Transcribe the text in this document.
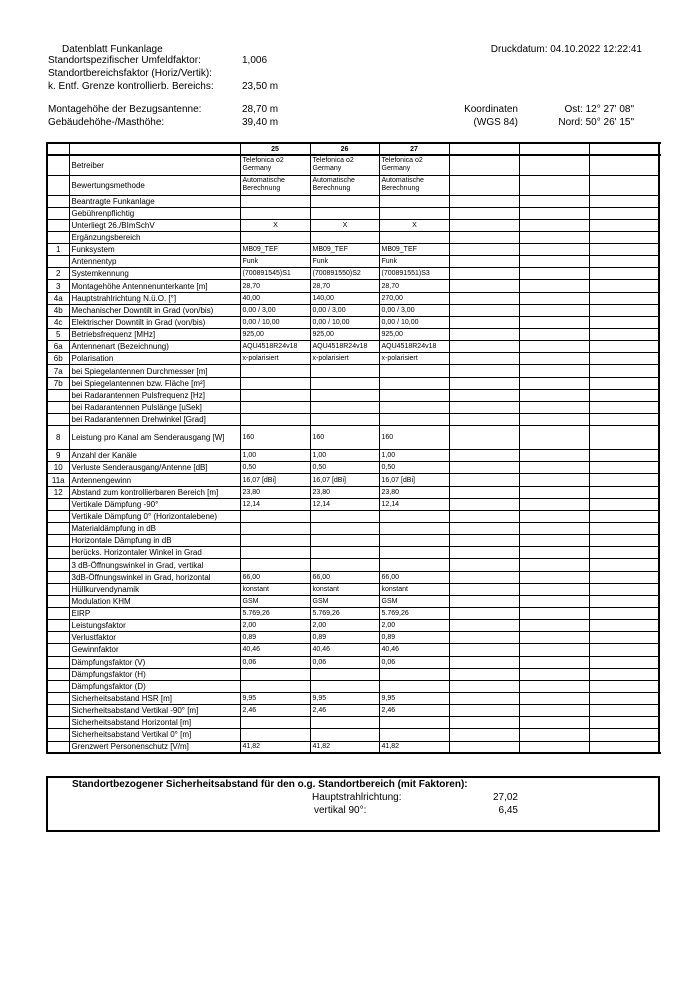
Datenblatt Funkanlage	Druckdatum: 04.10.2022 12:22:41
Standortspezifischer Umfeldfaktor:	1,006
Standortbereichsfaktor (Horiz/Vertik):
k. Entf. Grenze kontrollierb. Bereichs:	23,50 m
Montagehöhe der Bezugsantenne:	28,70 m
Gebäudehöhe-/Masthöhe:	39,40 m
Koordinaten
(WGS 84)
Ost: 12° 27' 08"
Nord: 50° 26' 15"
		25	26	27				
	Betreiber	Telefonica o2 Germany	Telefonica o2 Germany	Telefonica o2 Germany				
	Bewertungsmethode	Automatische Berechnung	Automatische Berechnung	Automatische Berechnung				
	Beantragte Funkanlage							
	Gebührenpflichtig							
	Unterliegt 26./BImSchV	X	X	X				
	Ergänzungsbereich							
1	Funksystem	MB09_TEF	MB09_TEF	MB09_TEF				
	Antennentyp	Funk	Funk	Funk				
2	Systemkennung	(700891545)S1	(700891550)S2	(700891551)S3				
3	Montagehöhe Antennenunterkante [m]	28,70	28,70	28,70				
4a	Hauptstrahlrichtung N.ü.O. [°]	40,00	140,00	270,00				
4b	Mechanischer Downtilt in Grad (von/bis)	0,00 / 3,00	0,00 / 3,00	0,00 / 3,00				
4c	Elektrischer Downtilt in Grad (von/bis)	0,00 / 10,00	0,00 / 10,00	0,00 / 10,00				
5	Betriebsfrequenz [MHz]	925,00	925,00	925,00				
6a	Antennenart (Bezeichnung)	AQU4518R24v18	AQU4518R24v18	AQU4518R24v18				
6b	Polarisation	x-polarisiert	x-polarisiert	x-polarisiert				
7a	bei Spiegelantennen Durchmesser [m]							
7b	bei Spiegelantennen bzw. Fläche [m²]							
	bei Radarantennen Pulsfrequenz [Hz]							
	bei Radarantennen Pulslänge [uSek]							
	bei Radarantennen Drehwinkel [Grad]							
8	Leistung pro Kanal am Senderausgang [W]	160	160	160				
9	Anzahl der Kanäle	1,00	1,00	1,00				
10	Verluste Senderausgang/Antenne [dB]	0,50	0,50	0,50				
11a	Antennengewinn	16,07 [dBi]	16,07 [dBi]	16,07 [dBi]				
12	Abstand zum kontrollierbaren Bereich [m]	23,80	23,80	23,80				
	Vertikale Dämpfung -90°	12,14	12,14	12,14				
	Vertikale Dämpfung 0° (Horizontalebene)							
	Materialdämpfung in dB							
	Horizontale Dämpfung in dB							
	berücks. Horizontaler Winkel in Grad							
	3 dB-Öffnungswinkel in Grad, vertikal							
	3dB-Öffnungswinkel in Grad, horizontal	66,00	66,00	66,00				
	Hüllkurvendynamik	konstant	konstant	konstant				
	Modulation KHM	GSM	GSM	GSM				
	EIRP	5.769,26	5.769,26	5.769,26				
	Leistungsfaktor	2,00	2,00	2,00				
	Verlustfaktor	0,89	0,89	0,89				
	Gewinnfaktor	40,46	40,46	40,46				
	Dämpfungsfaktor (V)	0,06	0,06	0,06				
	Dämpfungsfaktor (H)							
	Dämpfungsfaktor (D)							
	Sicherheitsabstand HSR [m]	9,95	9,95	9,95				
	Sicherheitsabstand Vertikal -90° [m]	2,46	2,46	2,46				
	Sicherheitsabstand Horizontal [m]							
	Sicherheitsabstand Vertikal 0° [m]							
	Grenzwert Personenschutz [V/m]	41,82	41,82	41,82				
Standortbezogener Sicherheitsabstand für den o.g. Standortbereich (mit Faktoren):
Hauptstrahlrichtung:	27,02
vertikal 90°:	6,45
